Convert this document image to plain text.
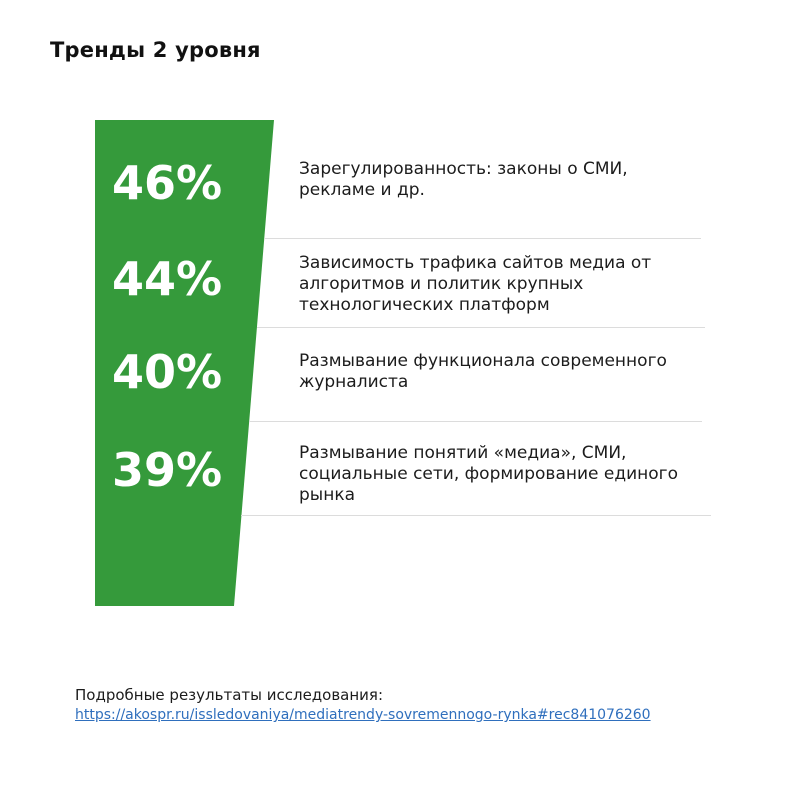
Тренды 2 уровня
46%
44%
40%
39%

Зарегулированность: законы о СМИ, рекламе и др.

Зависимость трафика сайтов медиа от алгоритмов и политик крупных технологических платформ

Размывание функционала современного журналиста

Размывание понятий «медиа», СМИ, социальные сети, формирование единого рынка

Подробные результаты исследования:
https://akospr.ru/issledovaniya/mediatrendy-sovremennogo-rynka#rec841076260
